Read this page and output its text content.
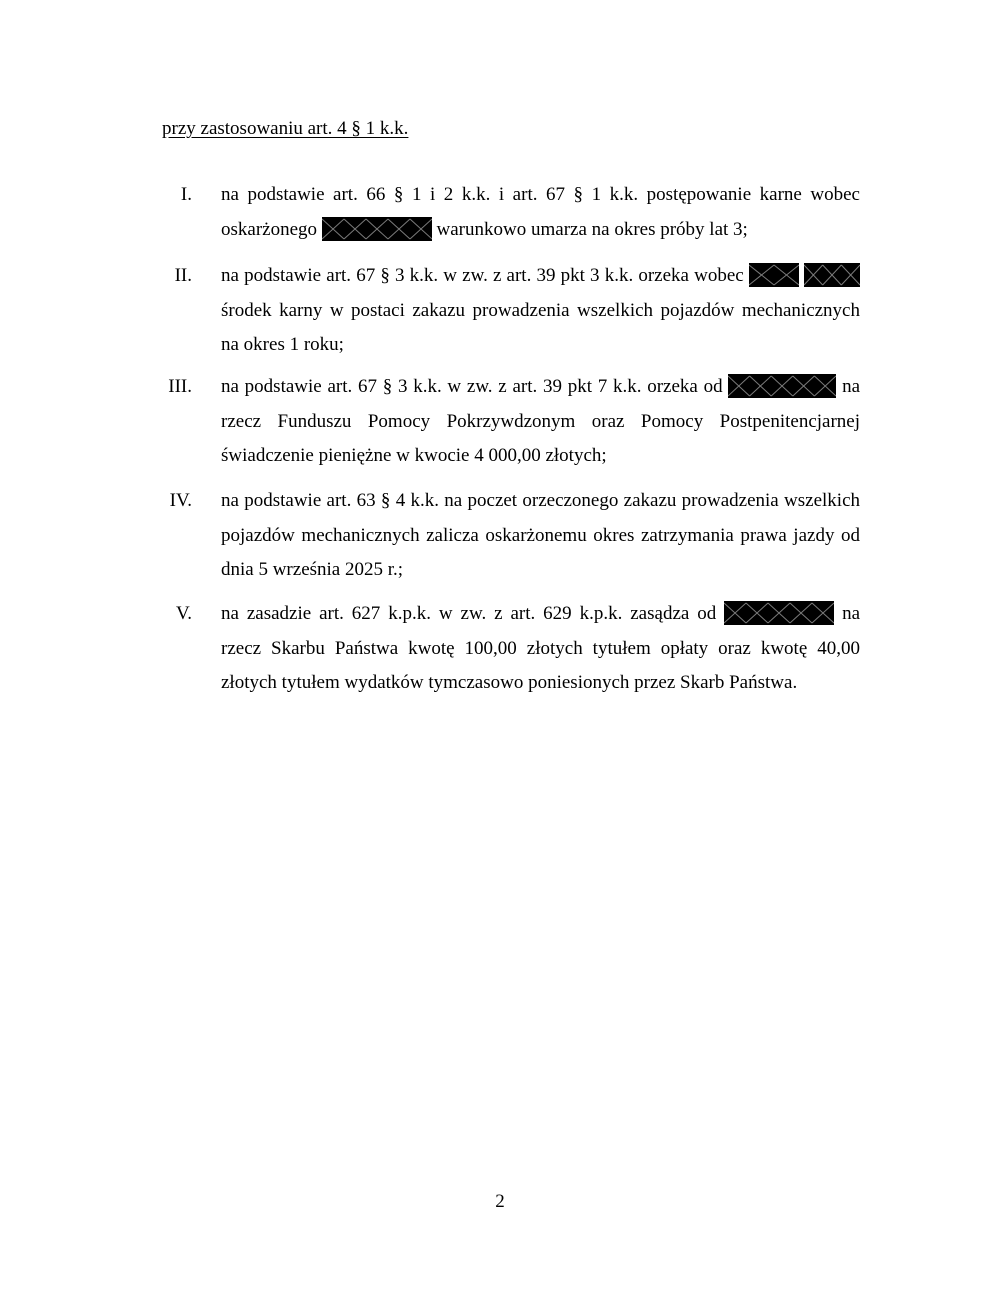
przy zastosowaniu art. 4 § 1 k.k.
I. na podstawie art. 66 § 1 i 2 k.k. i art. 67 § 1 k.k. postępowanie karne wobec oskarżonego	warunkowo umarza na okres próby lat 3;
II. na podstawie art. 67 § 3 k.k. w zw. z art. 39 pkt 3 k.k. orzeka wobec

środek karny w postaci zakazu prowadzenia wszelkich pojazdów mechanicznych na okres 1 roku;
III. na podstawie art. 67 § 3 k.k. w zw. z art. 39 pkt 7 k.k. orzeka od	na rzecz Funduszu Pomocy Pokrzywdzonym oraz Pomocy Postpenitencjarnej świadczenie pieniężne w kwocie 4 000,00 złotych;
IV. na podstawie art. 63 § 4 k.k. na poczet orzeczonego zakazu prowadzenia wszelkich pojazdów mechanicznych zalicza oskarżonemu okres zatrzymania prawa jazdy od dnia 5 września 2025 r.;
V. na zasadzie art. 627 k.p.k. w zw. z art. 629 k.p.k. zasądza od	na rzecz Skarbu Państwa kwotę 100,00 złotych tytułem opłaty oraz kwotę 40,00 złotych tytułem wydatków tymczasowo poniesionych przez Skarb Państwa.
2
